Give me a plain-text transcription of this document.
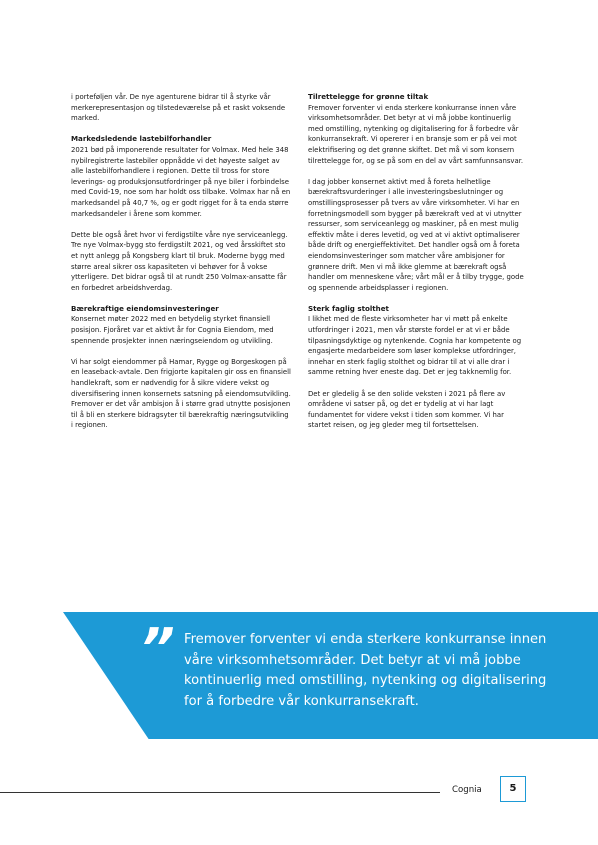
i porteføljen vår. De nye agenturene bidrar til å styrke vår merkerepresentasjon og tilstedeværelse på et raskt voksende marked.

Markedsledende lastebilforhandler

2021 bød på imponerende resultater for Volmax. Med hele 348 nybilregistrerte lastebiler oppnådde vi det høyeste salget av alle lastebilforhandlere i regionen. Dette til tross for store leverings- og produksjonsutfordringer på nye biler i forbindelse med Covid-19, noe som har holdt oss tilbake. Volmax har nå en markedsandel på 40,7 %, og er godt rigget for å ta enda større markedsandeler i årene som kommer.

Dette ble også året hvor vi ferdigstilte våre nye serviceanlegg. Tre nye Volmax-bygg sto ferdigstilt 2021, og ved årsskiftet sto et nytt anlegg på Kongsberg klart til bruk. Moderne bygg med større areal sikrer oss kapasiteten vi behøver for å vokse ytterligere. Det bidrar også til at rundt 250 Volmax-ansatte får en forbedret arbeidshverdag.

Bærekraftige eiendomsinvesteringer

Konsernet møter 2022 med en betydelig styrket finansiell posisjon. Fjoråret var et aktivt år for Cognia Eiendom, med spennende prosjekter innen næringseiendom og utvikling.

Vi har solgt eiendommer på Hamar, Rygge og Borgeskogen på en leaseback-avtale. Den frigjorte kapitalen gir oss en finansiell handlekraft, som er nødvendig for å sikre videre vekst og diversifisering innen konsernets satsning på eiendomsutvikling. Fremover er det vår ambisjon å i større grad utnytte posisjonen til å bli en sterkere bidragsyter til bærekraftig næringsutvikling i regionen.

Tilrettelegge for grønne tiltak

Fremover forventer vi enda sterkere konkurranse innen våre virksomhetsområder. Det betyr at vi må jobbe kontinuerlig med omstilling, nytenking og digitalisering for å forbedre vår konkurransekraft. Vi opererer i en bransje som er på vei mot elektrifisering og det grønne skiftet. Det må vi som konsern tilrettelegge for, og se på som en del av vårt samfunnsansvar.

I dag jobber konsernet aktivt med å foreta helhetlige bærekraftsvurderinger i alle investeringsbeslutninger og omstillingsprosesser på tvers av våre virksomheter. Vi har en forretningsmodell som bygger på bærekraft ved at vi utnytter ressurser, som serviceanlegg og maskiner, på en mest mulig effektiv måte i deres levetid, og ved at vi aktivt optimaliserer både drift og energieffektivitet. Det handler også om å foreta eiendomsinvesteringer som matcher våre ambisjoner for grønnere drift. Men vi må ikke glemme at bærekraft også handler om menneskene våre; vårt mål er å tilby trygge, gode og spennende arbeidsplasser i regionen.

Sterk faglig stolthet

I likhet med de fleste virksomheter har vi møtt på enkelte utfordringer i 2021, men vår største fordel er at vi er både tilpasningsdyktige og nytenkende. Cognia har kompetente og engasjerte medarbeidere som løser komplekse utfordringer, innehar en sterk faglig stolthet og bidrar til at vi alle drar i samme retning hver eneste dag. Det er jeg takknemlig for.

Det er gledelig å se den solide veksten i 2021 på flere av områdene vi satser på, og det er tydelig at vi har lagt fundamentet for videre vekst i tiden som kommer. Vi har startet reisen, og jeg gleder meg til fortsettelsen.

” Fremover forventer vi enda sterkere konkurranse innen våre virksomhetsområder. Det betyr at vi må jobbe kontinuerlig med omstilling, nytenking og digitalisering for å forbedre vår konkurransekraft.
Cognia	5
